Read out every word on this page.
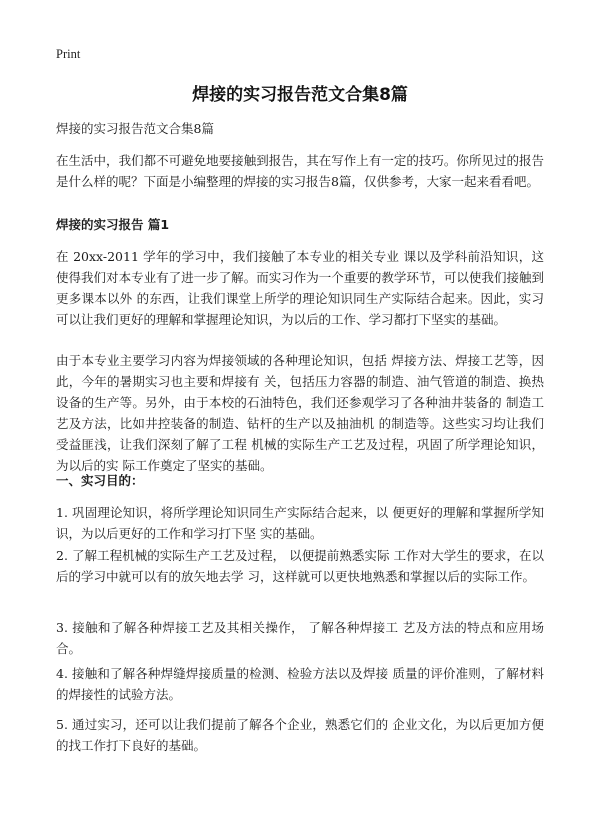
Print
焊接的实习报告范文合集8篇

焊接的实习报告范文合集8篇

在生活中，我们都不可避免地要接触到报告，其在写作上有一定的技巧。你所见过的报告是什么样的呢？下面是小编整理的焊接的实习报告8篇，仅供参考，大家一起来看看吧。

焊接的实习报告 篇1

在 20xx-2011 学年的学习中，我们接触了本专业的相关专业 课以及学科前沿知识，这使得我们对本专业有了进一步了解。而实习作为一个重要的教学环节，可以使我们接触到更多课本以外 的东西，让我们课堂上所学的理论知识同生产实际结合起来。因此，实习可以让我们更好的理解和掌握理论知识，为以后的工作、学习都打下坚实的基础。

由于本专业主要学习内容为焊接领域的各种理论知识，包括 焊接方法、焊接工艺等，因此，今年的暑期实习也主要和焊接有 关，包括压力容器的制造、油气管道的制造、换热设备的生产等。另外，由于本校的石油特色，我们还参观学习了各种油井装备的 制造工艺及方法，比如井控装备的制造、钻杆的生产以及抽油机 的制造等。这些实习均让我们受益匪浅，让我们深刻了解了工程 机械的实际生产工艺及过程，巩固了所学理论知识，为以后的实 际工作奠定了坚实的基础。

一、实习目的：

1. 巩固理论知识，将所学理论知识同生产实际结合起来，以 便更好的理解和掌握所学知识，为以后更好的工作和学习打下坚 实的基础。

2. 了解工程机械的实际生产工艺及过程， 以便提前熟悉实际 工作对大学生的要求，在以后的学习中就可以有的放矢地去学 习，这样就可以更快地熟悉和掌握以后的实际工作。

3. 接触和了解各种焊接工艺及其相关操作， 了解各种焊接工 艺及方法的特点和应用场合。

4. 接触和了解各种焊缝焊接质量的检测、检验方法以及焊接 质量的评价准则，了解材料的焊接性的试验方法。

5. 通过实习，还可以让我们提前了解各个企业，熟悉它们的 企业文化，为以后更加方便的找工作打下良好的基础。
